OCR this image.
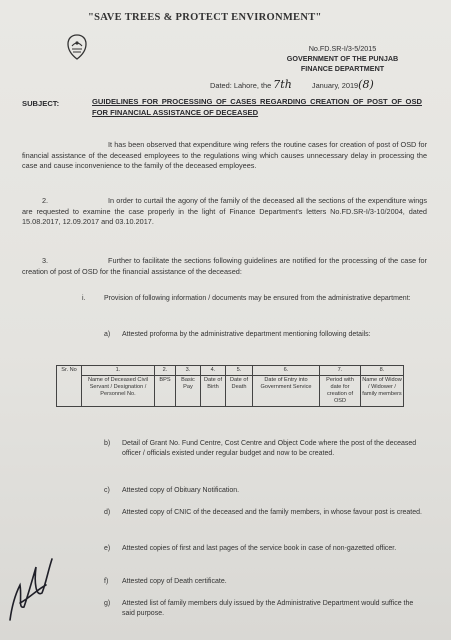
"SAVE TREES & PROTECT ENVIRONMENT"
No.FD.SR-I/3-5/2015
GOVERNMENT OF THE PUNJAB
FINANCE DEPARTMENT
Dated: Lahore, the 7th	January, 2019(8)
SUBJECT:	GUIDELINES FOR PROCESSING OF CASES REGARDING CREATION OF POST OF OSD FOR FINANCIAL ASSISTANCE OF DECEASED
It has been observed that expenditure wing refers the routine cases for creation of post of OSD for financial assistance of the deceased employees to the regulations wing which causes unnecessary delay in processing the case and cause inconvenience to the family of the deceased employees.
2.	In order to curtail the agony of the family of the deceased all the sections of the expenditure wings are requested to examine the case properly in the light of Finance Department's letters No.FD.SR-I/3-10/2004, dated 15.08.2017, 12.09.2017 and 03.10.2017.
3.	Further to facilitate the sections following guidelines are notified for the processing of the case for creation of post of OSD for the financial assistance of the deceased:
i.	Provision of following information / documents may be ensured from the administrative department:
a) Attested proforma by the administrative department mentioning following details:
Sr. No	1.	2.	3.	4.	5.	6.	7.	8.
	Name of Deceased Civil Servant / Designation / Personnel No.	BPS	Basic Pay	Date of Birth	Date of Death	Date of Entry into Government Service	Period with date for creation of OSD	Name of Widow / Widower / family members
b) Detail of Grant No. Fund Centre, Cost Centre and Object Code where the post of the deceased officer / officials existed under regular budget and now to be created.
c) Attested copy of Obituary Notification.
d) Attested copy of CNIC of the deceased and the family members, in whose favour post is created.
e) Attested copies of first and last pages of the service book in case of non-gazetted officer.
f) Attested copy of Death certificate.
g) Attested list of family members duly issued by the Administrative Department would suffice the said purpose.
